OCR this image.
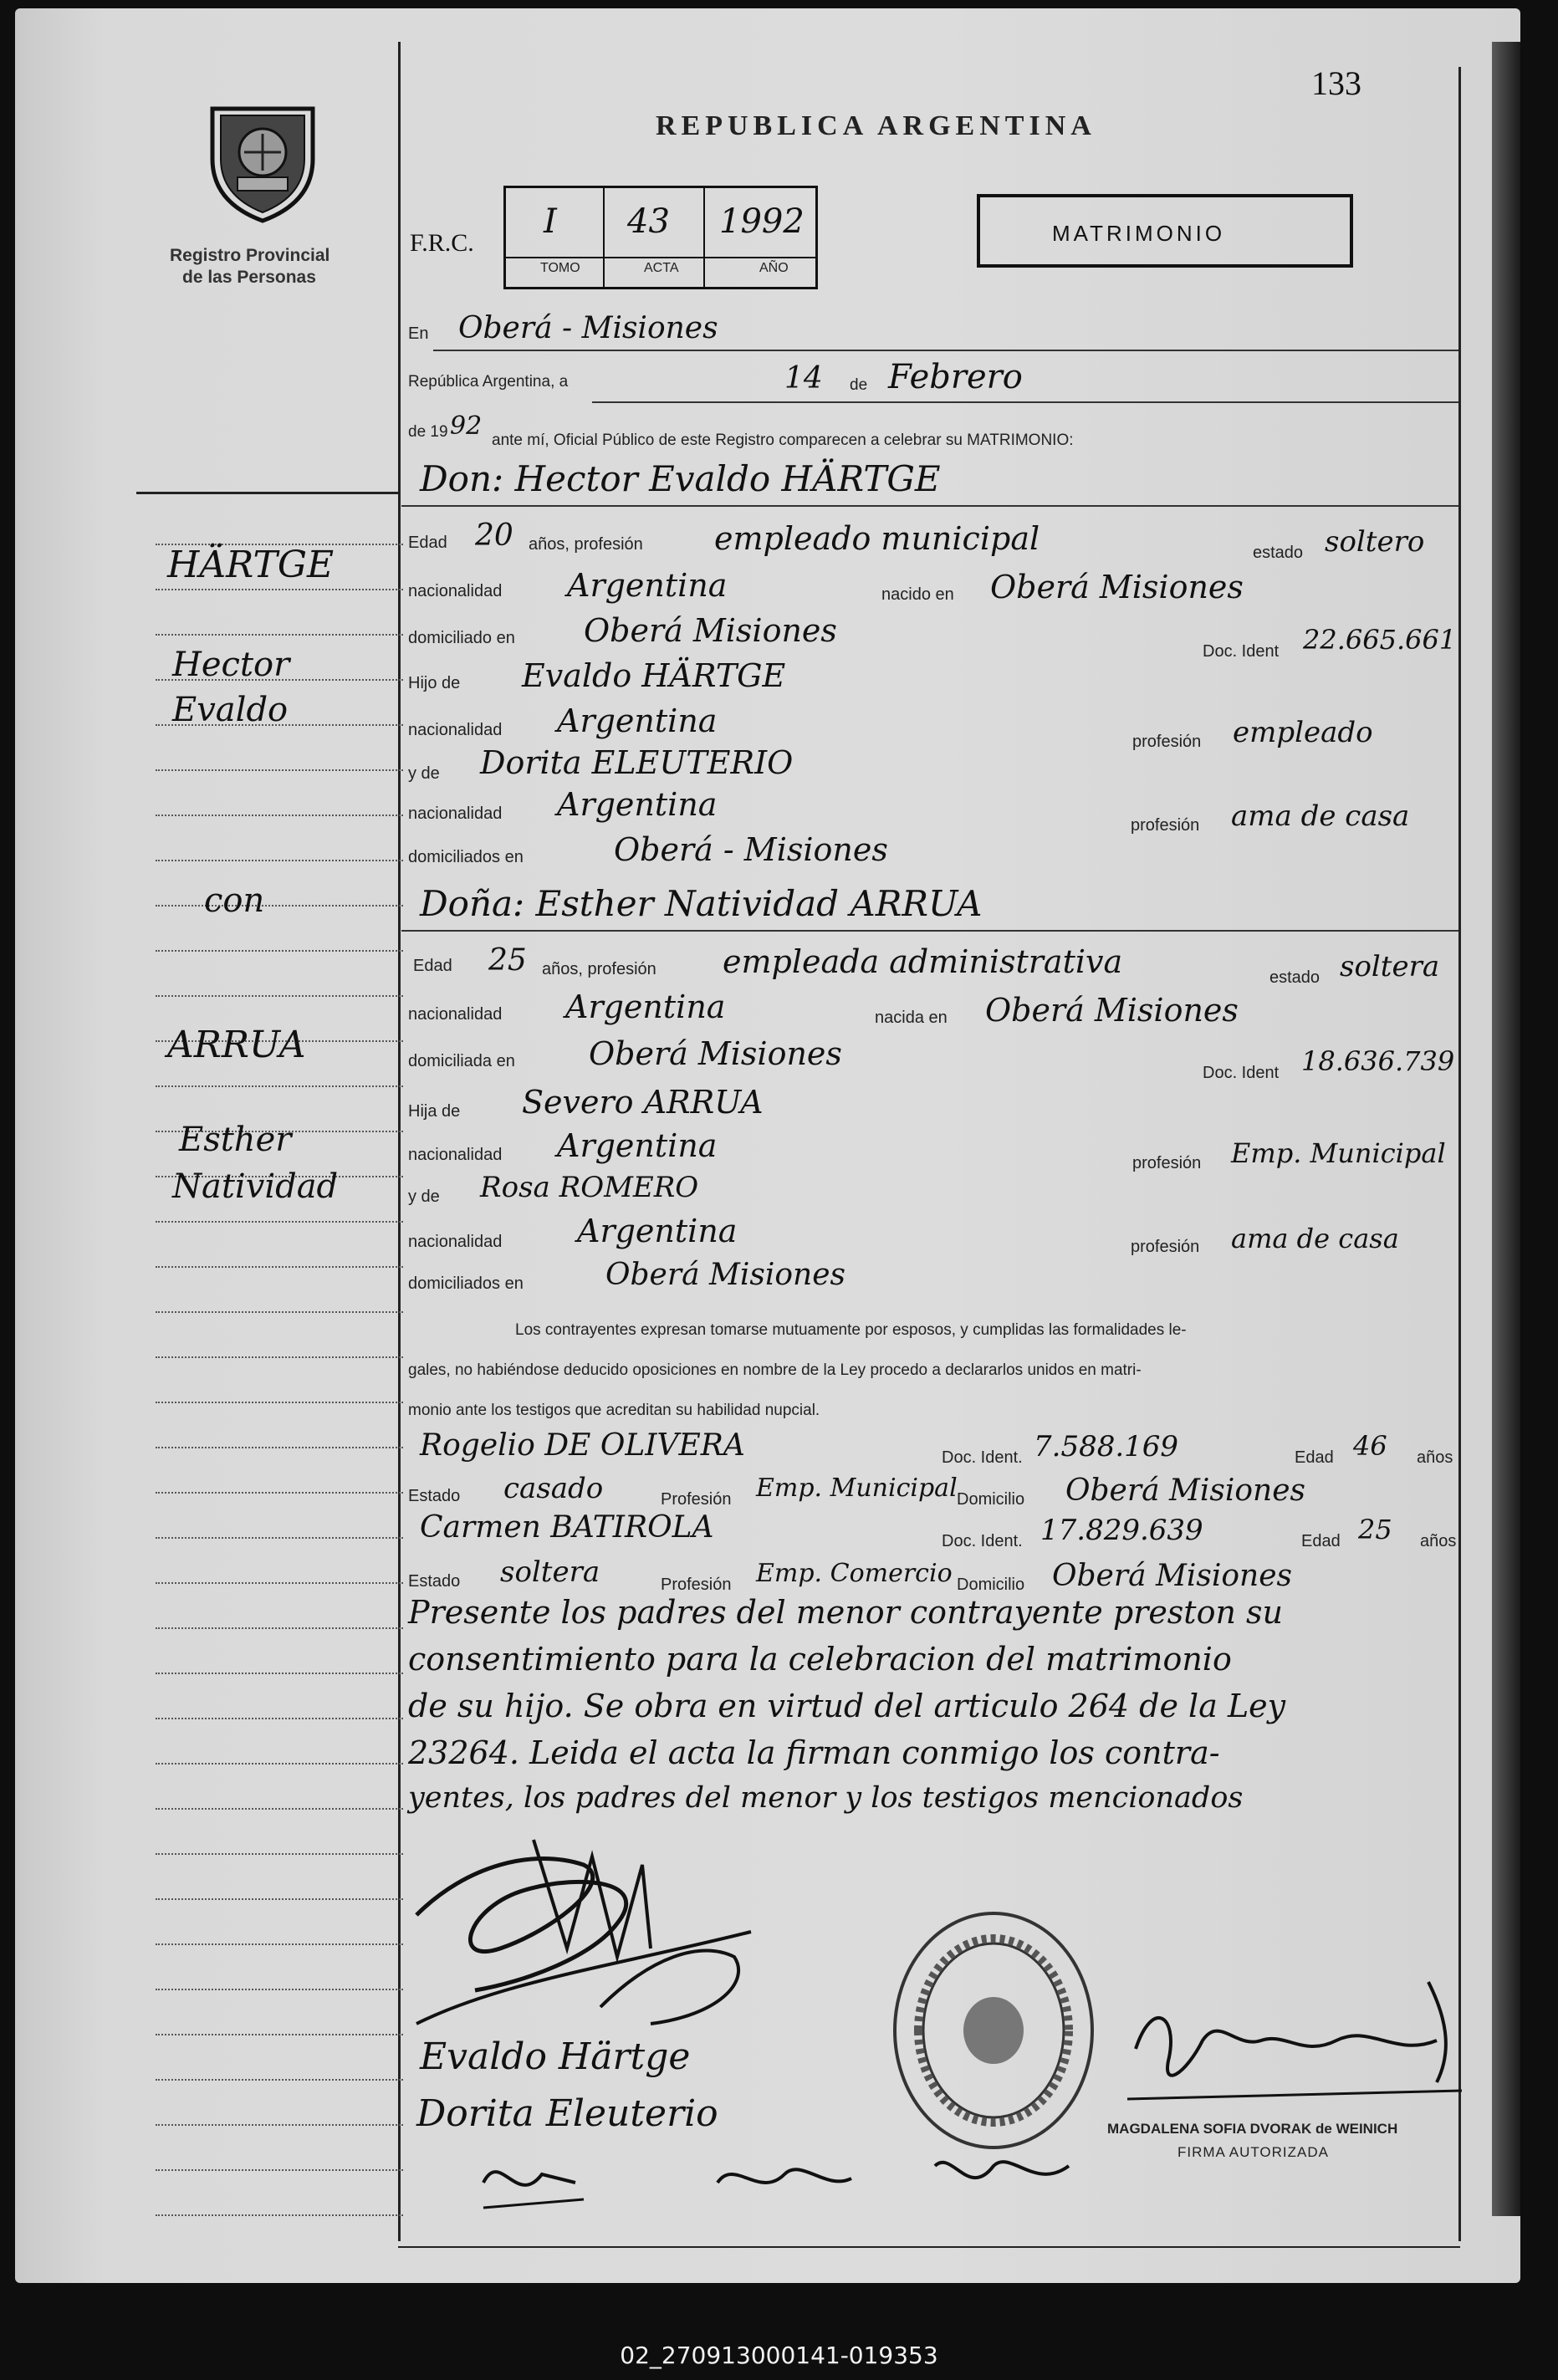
133
REPUBLICA ARGENTINA
Registro Provincial
de las Personas
F.R.C.
I 43 1992
TOMO	ACTA	AÑO
MATRIMONIO
En Oberá - Misiones
República Argentina, a	14 de Febrero
de 19 92 ante mí, Oficial Público de este Registro comparecen a celebrar su MATRIMONIO:
Don: Hector Evaldo HÄRTGE
Edad 20 años, profesión empleado municipal	estado soltero
nacionalidad Argentina	nacido en Oberá Misiones
domiciliado en Oberá Misiones
Doc. Ident 22.665.661
Hijo de Evaldo HÄRTGE
nacionalidad Argentina
profesión empleado
y de Dorita ELEUTERIO
nacionalidad Argentina
profesión ama de casa
domiciliados en	Oberá - Misiones
Doña: Esther Natividad ARRUA
Edad 25 años, profesión empleada administrativa	estado soltera
nacionalidad Argentina	nacida en Oberá Misiones
domiciliada en Oberá Misiones
Doc. Ident 18.636.739
Hija de Severo ARRUA
nacionalidad Argentina	profesión Emp. Municipal
y de Rosa ROMERO
nacionalidad Argentina	profesión ama de casa
domiciliados en	Oberá Misiones
Los contrayentes expresan tomarse mutuamente por esposos, y cumplidas las formalidades le-
gales, no habiéndose deducido oposiciones en nombre de la Ley procedo a declararlos unidos en matri-
monio ante los testigos que acreditan su habilidad nupcial.
Rogelio DE OLIVERA	Doc. Ident. 7.588.169	Edad 46 años
Estado casado	Profesión Emp. Municipal Domicilio Oberá Misiones
Carmen BATIROLA	Doc. Ident. 17.829.639	Edad 25 años
Estado soltera	Profesión Emp. Comercio Domicilio Oberá Misiones
Presente los padres del menor contrayente preston su
consentimiento para la celebracion del matrimonio
de su hijo. Se obra en virtud del articulo 264 de la Ley
23264. Leida el acta la firman conmigo los contra-
yentes, los padres del menor y los testigos mencionados
Evaldo Härtge
Dorita Eleuterio	MAGDALENA SOFIA DVORAK de WEINICH
FIRMA AUTORIZADA
HÄRTGE
Hector
Evaldo
con
ARRUA
Esther
Natividad
02_270913000141-019353
